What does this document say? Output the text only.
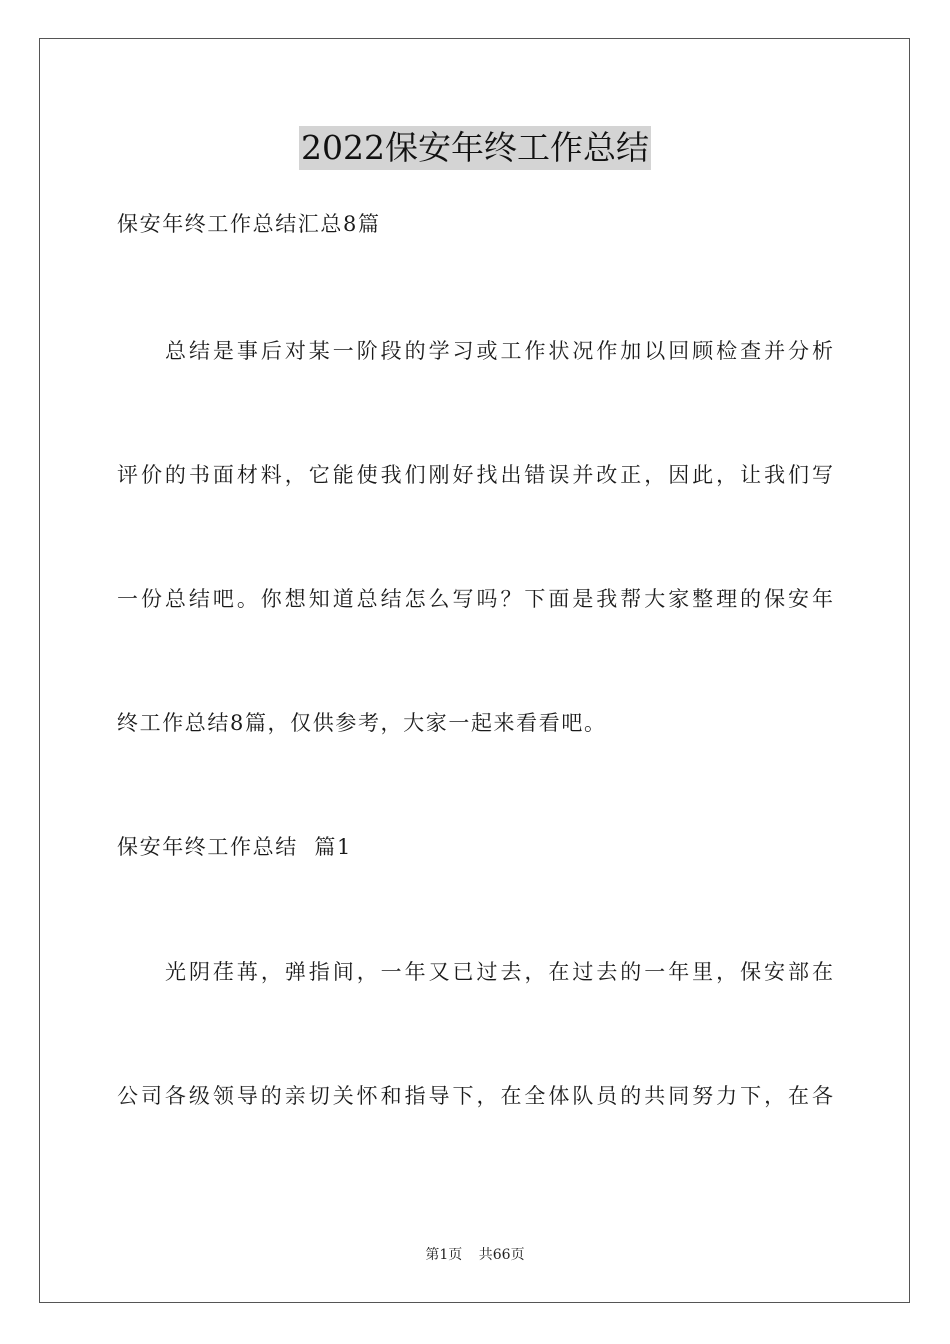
2022保安年终工作总结
保安年终工作总结汇总8篇
总结是事后对某一阶段的学习或工作状况作加以回顾检查并分析
评价的书面材料，它能使我们刚好找出错误并改正，因此，让我们写
一份总结吧。你想知道总结怎么写吗？下面是我帮大家整理的保安年
终工作总结8篇，仅供参考，大家一起来看看吧。
保安年终工作总结  篇1
光阴荏苒，弹指间，一年又已过去，在过去的一年里，保安部在
公司各级领导的亲切关怀和指导下，在全体队员的共同努力下，在各
第1页 共66页
